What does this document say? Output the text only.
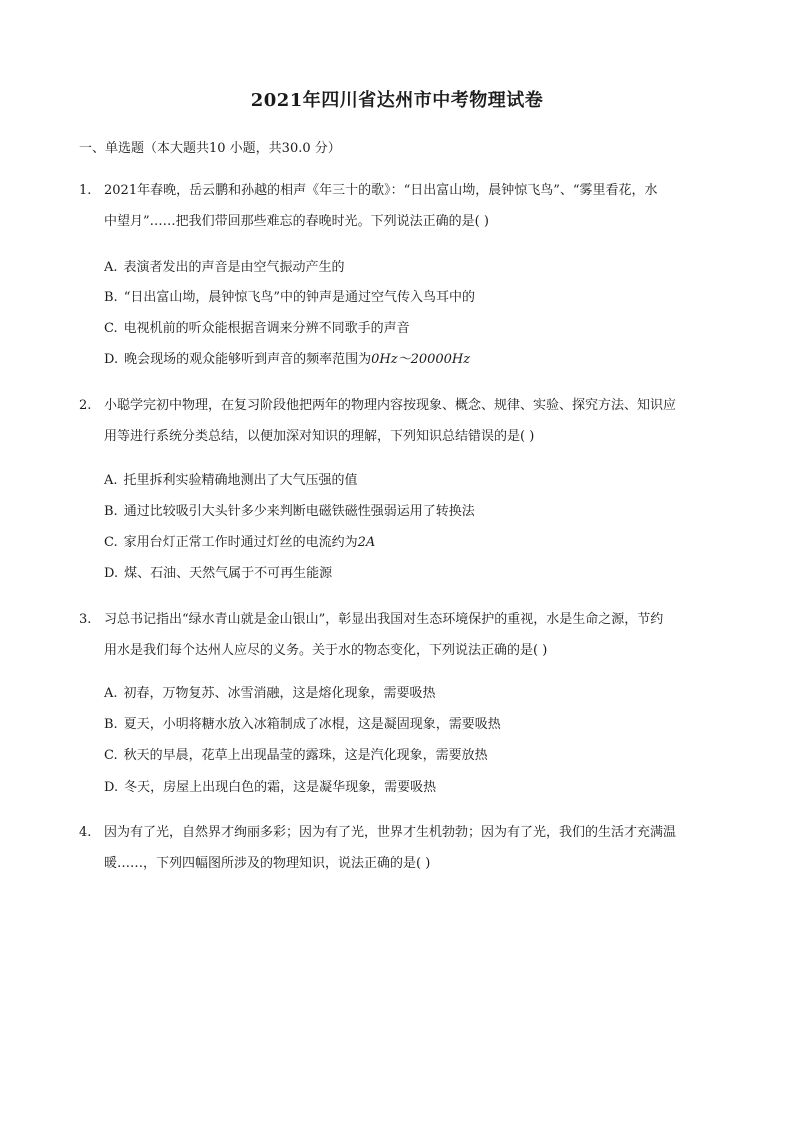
2021年四川省达州市中考物理试卷
一、单选题（本大题共10 小题，共30.0 分）
1. 2021年春晚，岳云鹏和孙越的相声《年三十的歌》：“日出富山坳，晨钟惊飞鸟”、“雾里看花，水
中望月”……把我们带回那些难忘的春晚时光。下列说法正确的是( )
A. 表演者发出的声音是由空气振动产生的
B. “日出富山坳，晨钟惊飞鸟”中的钟声是通过空气传入鸟耳中的
C. 电视机前的听众能根据音调来分辨不同歌手的声音
D. 晚会现场的观众能够听到声音的频率范围为0Hz～20000Hz
2. 小聪学完初中物理，在复习阶段他把两年的物理内容按现象、概念、规律、实验、探究方法、知识应
用等进行系统分类总结，以便加深对知识的理解，下列知识总结错误的是( )
A. 托里拆利实验精确地测出了大气压强的值
B. 通过比较吸引大头针多少来判断电磁铁磁性强弱运用了转换法
C. 家用台灯正常工作时通过灯丝的电流约为2A
D. 煤、石油、天然气属于不可再生能源
3. 习总书记指出“绿水青山就是金山银山”，彰显出我国对生态环境保护的重视，水是生命之源，节约
用水是我们每个达州人应尽的义务。关于水的物态变化，下列说法正确的是( )
A. 初春，万物复苏、冰雪消融，这是熔化现象，需要吸热
B. 夏天，小明将糖水放入冰箱制成了冰棍，这是凝固现象，需要吸热
C. 秋天的早晨，花草上出现晶莹的露珠，这是汽化现象，需要放热
D. 冬天，房屋上出现白色的霜，这是凝华现象，需要吸热
4. 因为有了光，自然界才绚丽多彩；因为有了光，世界才生机勃勃；因为有了光，我们的生活才充满温
暖……，下列四幅图所涉及的物理知识，说法正确的是( )
